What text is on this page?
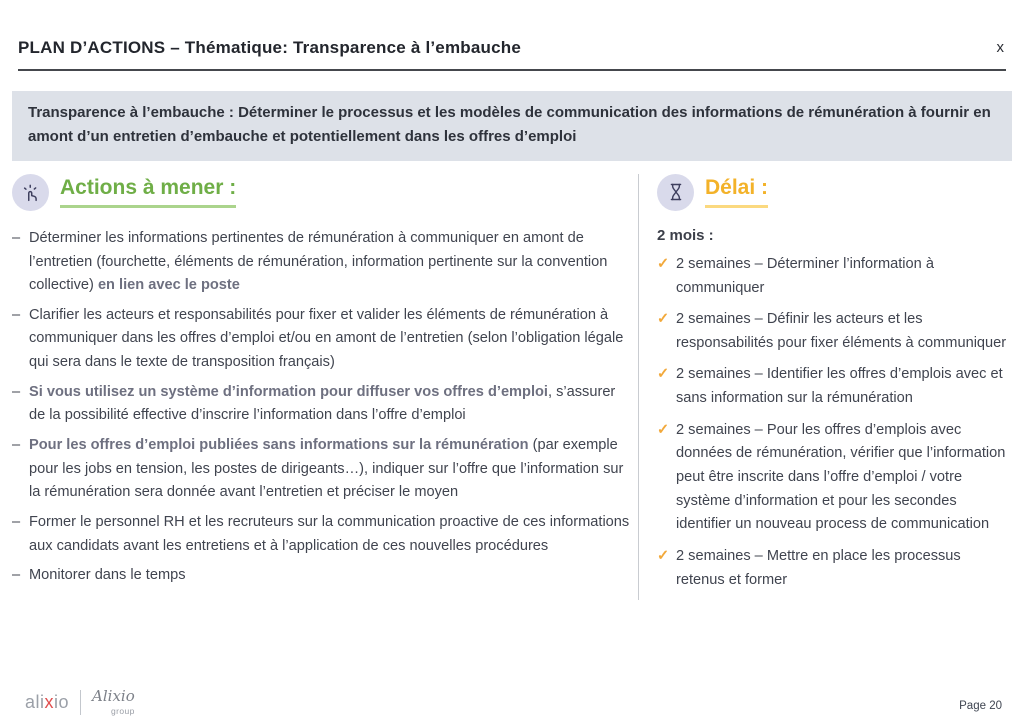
PLAN D’ACTIONS – Thématique: Transparence à l’embauche	x
Transparence à l’embauche : Déterminer le processus et les modèles de communication des informations de rémunération à fournir en amont d’un entretien d’embauche et potentiellement dans les offres d’emploi
Actions à mener :
– Déterminer les informations pertinentes de rémunération à communiquer en amont de l’entretien (fourchette, éléments de rémunération, information pertinente sur la convention collective) en lien avec le poste
– Clarifier les acteurs et responsabilités pour fixer et valider les éléments de rémunération à communiquer dans les offres d’emploi et/ou en amont de l’entretien (selon l’obligation légale qui sera dans le texte de transposition français)
– Si vous utilisez un système d’information pour diffuser vos offres d’emploi, s’assurer de la possibilité effective d’inscrire l’information dans l’offre d’emploi
– Pour les offres d’emploi publiées sans informations sur la rémunération (par exemple pour les jobs en tension, les postes de dirigeants…), indiquer sur l’offre que l’information sur la rémunération sera donnée avant l’entretien et préciser le moyen
– Former le personnel RH et les recruteurs sur la communication proactive de ces informations aux candidats avant les entretiens et à l’application de ces nouvelles procédures
– Monitorer dans le temps
Délai :
2 mois :
✓ 2 semaines – Déterminer l’information à communiquer
✓ 2 semaines – Définir les acteurs et les responsabilités pour fixer éléments à communiquer
✓ 2 semaines – Identifier les offres d’emplois avec et sans information sur la rémunération
✓ 2 semaines – Pour les offres d’emplois avec données de rémunération, vérifier que l’information peut être inscrite dans l’offre d’emploi / votre système d’information et pour les secondes identifier un nouveau process de communication
✓ 2 semaines – Mettre en place les processus retenus et former
alixio Alixio
group	Page 20
